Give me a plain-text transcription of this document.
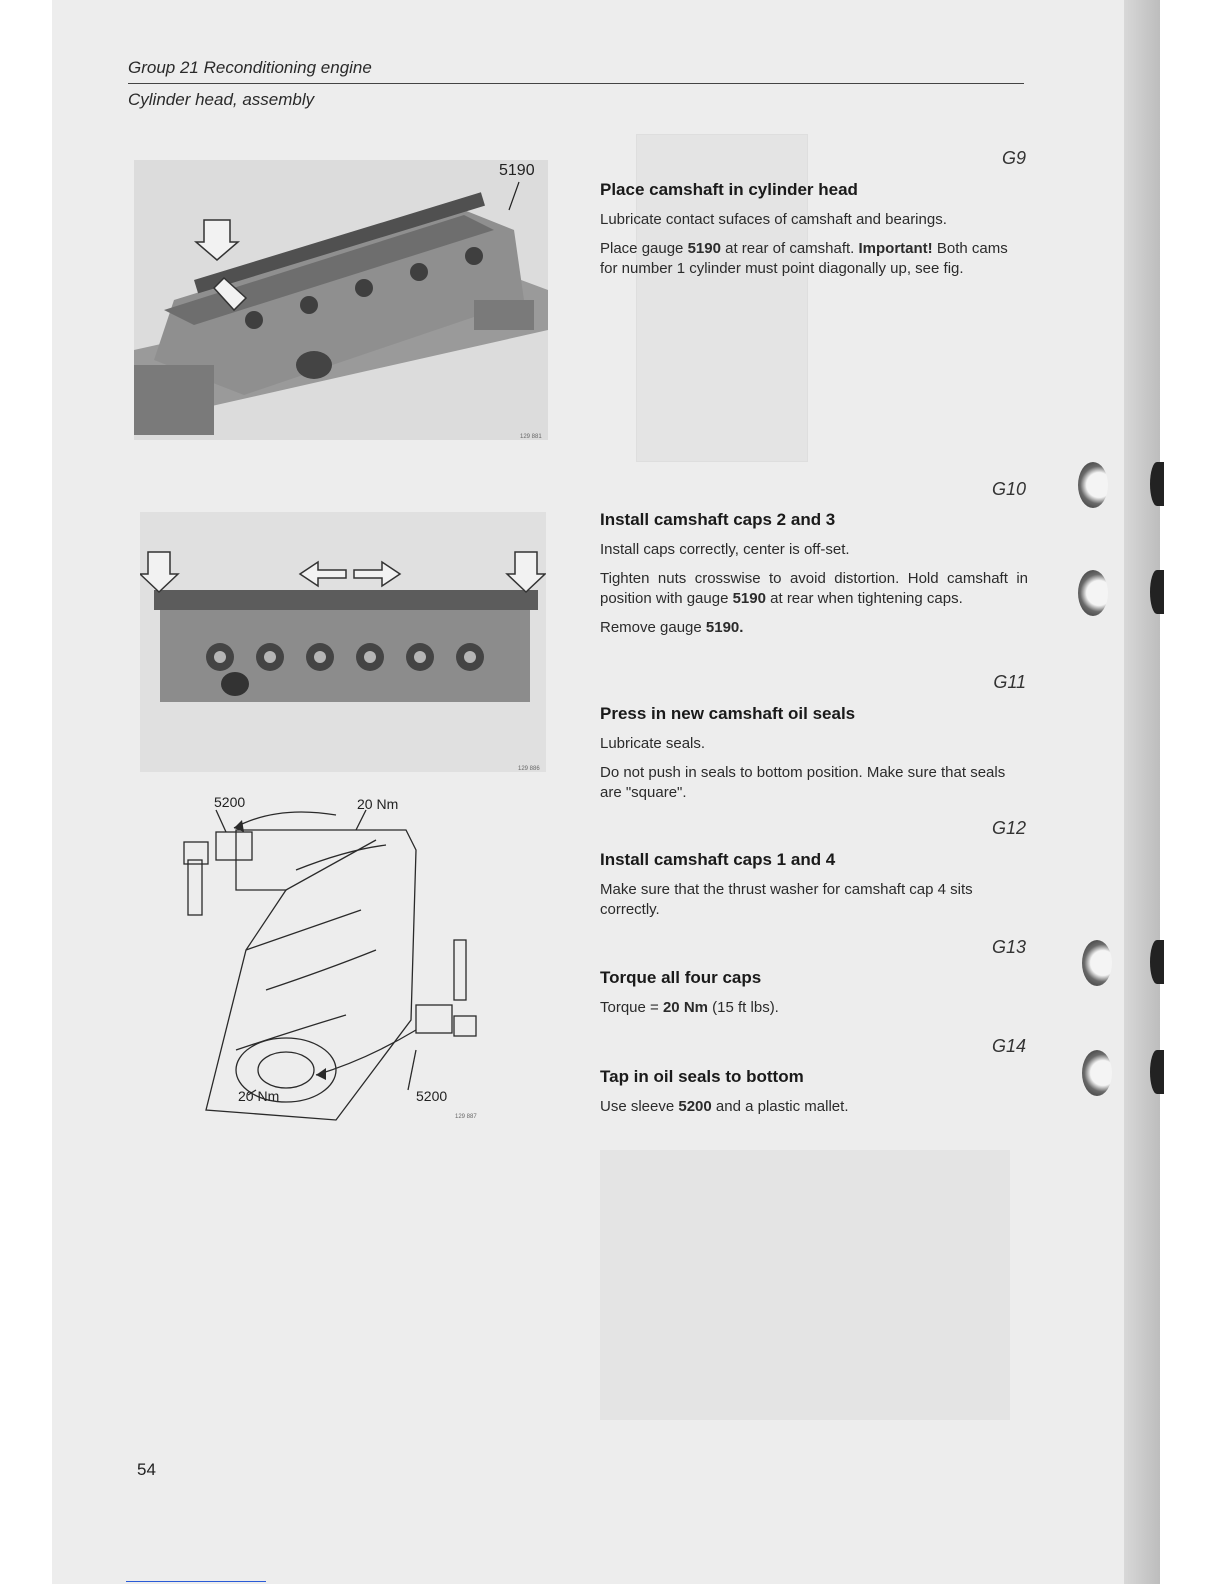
Group 21 Reconditioning engine
Cylinder head, assembly
5190
129 881
129 886
5200	20 Nm
20 Nm	5200
129 887
G9
Place camshaft in cylinder head

Lubricate contact sufaces of camshaft and bearings.

Place gauge 5190 at rear of camshaft. Important! Both cams for number 1 cylinder must point diagonally up, see fig.

G10
Install camshaft caps 2 and 3

Install caps correctly, center is off-set.

Tighten nuts crosswise to avoid distortion. Hold camshaft in position with gauge 5190 at rear when tightening caps.

Remove gauge 5190.

G11
Press in new camshaft oil seals

Lubricate seals.

Do not push in seals to bottom position. Make sure that seals are "square".

G12
Install camshaft caps 1 and 4

Make sure that the thrust washer for camshaft cap 4 sits correctly.

G13
Torque all four caps

Torque = 20 Nm (15 ft lbs).

G14
Tap in oil seals to bottom

Use sleeve 5200 and a plastic mallet.

54
